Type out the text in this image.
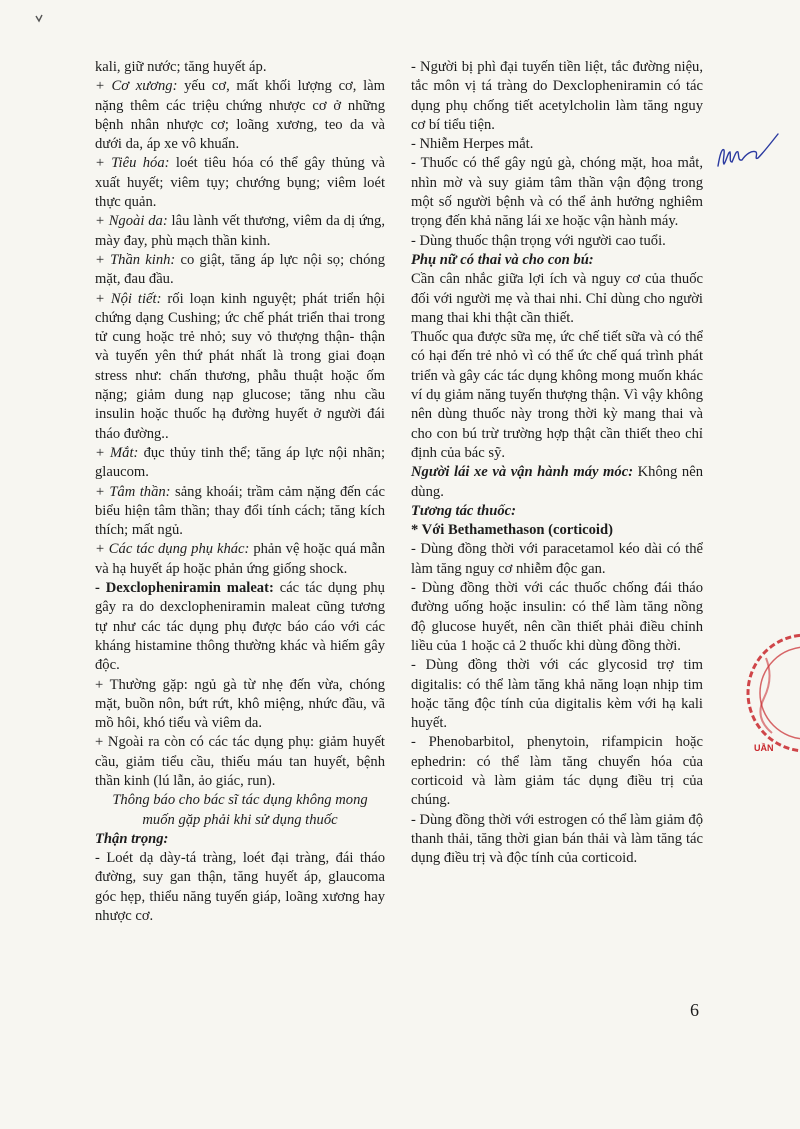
kali, giữ nước; tăng huyết áp.

+ Cơ xương: yếu cơ, mất khối lượng cơ, làm nặng thêm các triệu chứng nhược cơ ở những bệnh nhân nhược cơ; loãng xương, teo da và dưới da, áp xe vô khuẩn.

+ Tiêu hóa: loét tiêu hóa có thể gây thủng và xuất huyết; viêm tụy; chướng bụng; viêm loét thực quản.

+ Ngoài da: lâu lành vết thương, viêm da dị ứng, mày đay, phù mạch thần kinh.

+ Thần kinh: co giật, tăng áp lực nội sọ; chóng mặt, đau đầu.

+ Nội tiết: rối loạn kinh nguyệt; phát triển hội chứng dạng Cushing; ức chế phát triển thai trong tử cung hoặc trẻ nhỏ; suy vỏ thượng thận- thận và tuyến yên thứ phát nhất là trong giai đoạn stress như: chấn thương, phẫu thuật hoặc ốm nặng; giảm dung nạp glucose; tăng nhu cầu insulin hoặc thuốc hạ đường huyết ở người đái tháo đường..

+ Mắt: đục thủy tinh thể; tăng áp lực nội nhãn; glaucom.

+ Tâm thần: sảng khoái; trầm cảm nặng đến các biểu hiện tâm thần; thay đổi tính cách; tăng kích thích; mất ngủ.

+ Các tác dụng phụ khác: phản vệ hoặc quá mẫn và hạ huyết áp hoặc phản ứng giống shock.

- Dexclopheniramin maleat: các tác dụng phụ gây ra do dexclopheniramin maleat cũng tương tự như các tác dụng phụ được báo cáo với các kháng histamine thông thường khác và hiếm gây độc.

+ Thường gặp: ngủ gà từ nhẹ đến vừa, chóng mặt, buồn nôn, bứt rứt, khô miệng, nhức đầu, vã mồ hôi, khó tiểu và viêm da.

+ Ngoài ra còn có các tác dụng phụ: giảm huyết cầu, giảm tiểu cầu, thiếu máu tan huyết, bệnh thần kinh (lú lẫn, ảo giác, run).

Thông báo cho bác sĩ tác dụng không mong muốn gặp phải khi sử dụng thuốc

Thận trọng:

- Loét dạ dày-tá tràng, loét đại tràng, đái tháo đường, suy gan thận, tăng huyết áp, glaucoma góc hẹp, thiểu năng tuyến giáp, loãng xương hay nhược cơ.

- Người bị phì đại tuyến tiền liệt, tắc đường niệu, tắc môn vị tá tràng do Dexclopheniramin có tác dụng phụ chống tiết acetylcholin làm tăng nguy cơ bí tiểu tiện.

- Nhiễm Herpes mắt.

- Thuốc có thể gây ngủ gà, chóng mặt, hoa mắt, nhìn mờ và suy giảm tâm thần vận động trong một số người bệnh và có thể ảnh hưởng nghiêm trọng đến khả năng lái xe hoặc vận hành máy.

- Dùng thuốc thận trọng với người cao tuổi.

Phụ nữ có thai và cho con bú:

Cần cân nhắc giữa lợi ích và nguy cơ của thuốc đối với người mẹ và thai nhi. Chỉ dùng cho người mang thai khi thật cần thiết.

Thuốc qua được sữa mẹ, ức chế tiết sữa và có thể có hại đến trẻ nhỏ vì có thể ức chế quá trình phát triển và gây các tác dụng không mong muốn khác ví dụ giảm năng tuyến thượng thận. Vì vậy không nên dùng thuốc này trong thời kỳ mang thai và cho con bú trừ trường hợp thật cần thiết theo chỉ định của bác sỹ.

Người lái xe và vận hành máy móc: Không nên dùng.

Tương tác thuốc:

* Với Bethamethason (corticoid)

- Dùng đồng thời với paracetamol kéo dài có thể làm tăng nguy cơ nhiễm độc gan.

- Dùng đồng thời với các thuốc chống đái tháo đường uống hoặc insulin: có thể làm tăng nồng độ glucose huyết, nên cần thiết phải điều chỉnh liều của 1 hoặc cả 2 thuốc khi dùng đồng thời.

- Dùng đồng thời với các glycosid trợ tim digitalis: có thể làm tăng khả năng loạn nhịp tim hoặc tăng độc tính của digitalis kèm với hạ kali huyết.

- Phenobarbitol, phenytoin, rifampicin hoặc ephedrin: có thể làm tăng chuyển hóa của corticoid và làm giảm tác dụng điều trị của chúng.

- Dùng đồng thời với estrogen có thể làm giảm độ thanh thải, tăng thời gian bán thải và làm tăng tác dụng điều trị và độc tính của corticoid.

UẦN
6
